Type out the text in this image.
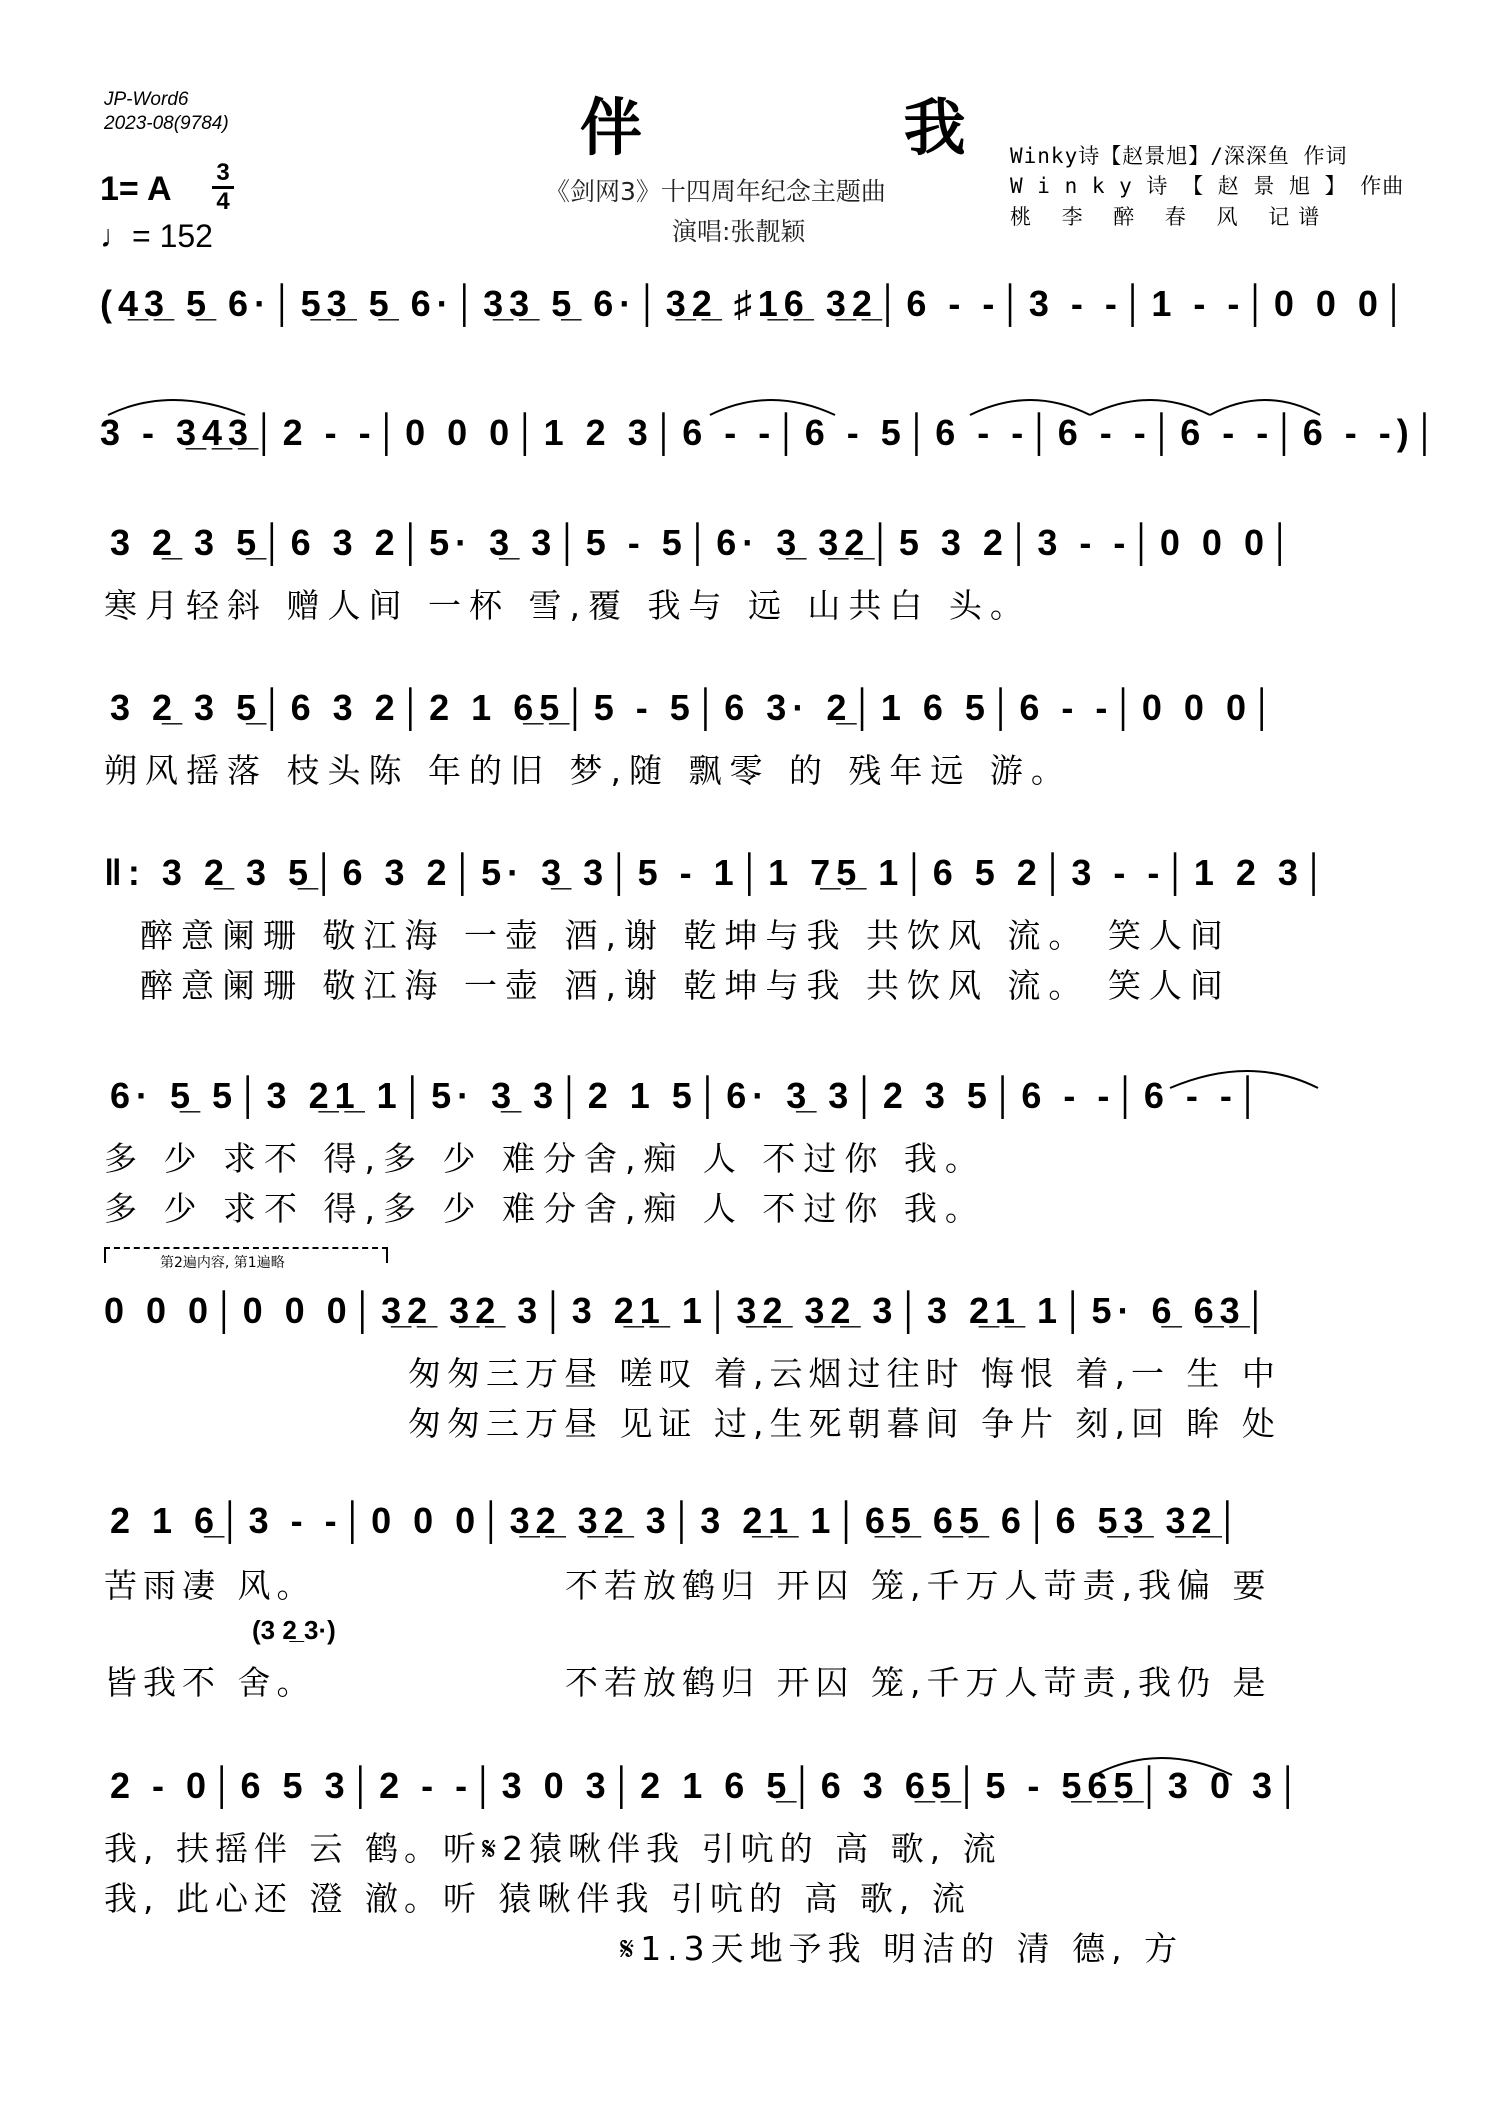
JP-Word6
2023-08(9784)	伴 我
《剑网3》十四周年纪念主题曲
演唱:张靓颖
Winky诗【赵景旭】/深深鱼 作词
W i n k y 诗 【 赵 景 旭 】 作曲
桃 李 醉 春 风 记谱
1= A 3
4
♩= 152
(4̲3̲ 5̲ 6·│5̲3̲ 5̲ 6·│3̲3̲ 5̲ 6·│3̲2̲ ♯1̲6̲ 3̲2̲│6 - -│3 - -│1 - -│0 0 0│
3 - 3̲4̲3̲│2 - -│0 0 0│1 2 3│6 - -│6 - 5│6 - -│6 - -│6 - -│6 - -)│
3 2̲ 3 5̲│6 3 2│5· 3̲ 3│5 - 5│6· 3̲ 3̲2̲│5 3 2│3 - -│0 0 0│
寒月轻斜 赠人间 一杯 雪,覆 我与 远 山共白 头。
3 2̲ 3 5̲│6 3 2│2 1 6̲5̲│5 - 5│6 3· 2̲│1 6 5│6 - -│0 0 0│
朔风摇落 枝头陈 年的旧 梦,随 飘零 的 残年远 游。
‖: 3 2̲ 3 5̲│6 3 2│5· 3̲ 3│5 - 1│1 7̲5̲ 1│6 5 2│3 - -│1 2 3│
醉意阑珊 敬江海 一壶 酒,谢 乾坤与我 共饮风 流。 笑人间
醉意阑珊 敬江海 一壶 酒,谢 乾坤与我 共饮风 流。 笑人间
6· 5̲ 5│3 2̲1̲ 1│5· 3̲ 3│2 1 5│6· 3̲ 3│2 3 5│6 - -│6 - -│
多 少 求不 得,多 少 难分舍,痴 人 不过你 我。
多 少 求不 得,多 少 难分舍,痴 人 不过你 我。
第2遍内容, 第1遍略
0 0 0│0 0 0│3̲2̲ 3̲2̲ 3│3 2̲1̲ 1│3̲2̲ 3̲2̲ 3│3 2̲1̲ 1│5· 6̲ 6̲3̲│
匆匆三万昼 嗟叹 着,云烟过往时 悔恨 着,一 生 中
匆匆三万昼 见证 过,生死朝暮间 争片 刻,回 眸 处
2 1 6̲│3 - -│0 0 0│3̲2̲ 3̲2̲ 3│3 2̲1̲ 1│6̲5̲ 6̲5̲ 6│6 5̲3̲ 3̲2̲│
苦雨凄 风。	不若放鹤归 开囚 笼,千万人苛责,我偏 要
(3 2̲ 3·)
皆我不 舍。	不若放鹤归 开囚 笼,千万人苛责,我仍 是
2 - 0│6 5 3│2 - -│3 0 3│2 1 6 5̲│6 3 6̲5̲│5 - 5̲6̲5̲│3 0 3│
我, 扶摇伴 云 鹤。听𝄋2猿啾伴我 引吭的 高 歌, 流
我, 此心还 澄 澈。听 猿啾伴我 引吭的 高 歌, 流
𝄋1.3天地予我 明洁的 清 德, 方
